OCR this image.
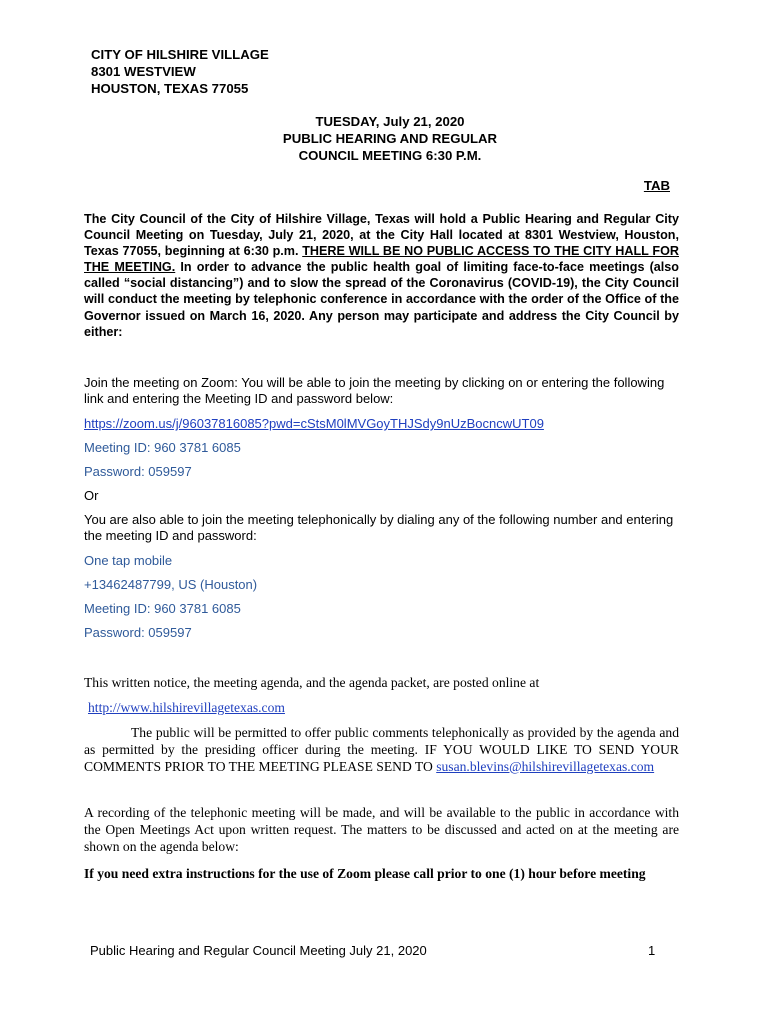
CITY OF HILSHIRE VILLAGE
8301 WESTVIEW
HOUSTON, TEXAS 77055
TUESDAY, July 21, 2020
PUBLIC HEARING AND REGULAR
COUNCIL MEETING 6:30 P.M.
TAB
The City Council of the City of Hilshire Village, Texas will hold a Public Hearing and Regular City Council Meeting on Tuesday, July 21, 2020, at the City Hall located at 8301 Westview, Houston, Texas 77055, beginning at 6:30 p.m. THERE WILL BE NO PUBLIC ACCESS TO THE CITY HALL FOR THE MEETING. In order to advance the public health goal of limiting face-to-face meetings (also called “social distancing”) and to slow the spread of the Coronavirus (COVID-19), the City Council will conduct the meeting by telephonic conference in accordance with the order of the Office of the Governor issued on March 16, 2020. Any person may participate and address the City Council by either:
Join the meeting on Zoom: You will be able to join the meeting by clicking on or entering the following link and entering the Meeting ID and password below:
https://zoom.us/j/96037816085?pwd=cStsM0lMVGoyTHJSdy9nUzBocncwUT09
Meeting ID: 960 3781 6085
Password: 059597
Or
You are also able to join the meeting telephonically by dialing any of the following number and entering the meeting ID and password:
One tap mobile
+13462487799, US (Houston)
Meeting ID: 960 3781 6085
Password: 059597
This written notice, the meeting agenda, and the agenda packet, are posted online at
http://www.hilshirevillagetexas.com
The public will be permitted to offer public comments telephonically as provided by the agenda and as permitted by the presiding officer during the meeting. IF YOU WOULD LIKE TO SEND YOUR COMMENTS PRIOR TO THE MEETING PLEASE SEND TO susan.blevins@hilshirevillagetexas.com
A recording of the telephonic meeting will be made, and will be available to the public in accordance with the Open Meetings Act upon written request. The matters to be discussed and acted on at the meeting are shown on the agenda below:
If you need extra instructions for the use of Zoom please call prior to one (1) hour before meeting
Public Hearing and Regular Council Meeting July 21, 2020	1
